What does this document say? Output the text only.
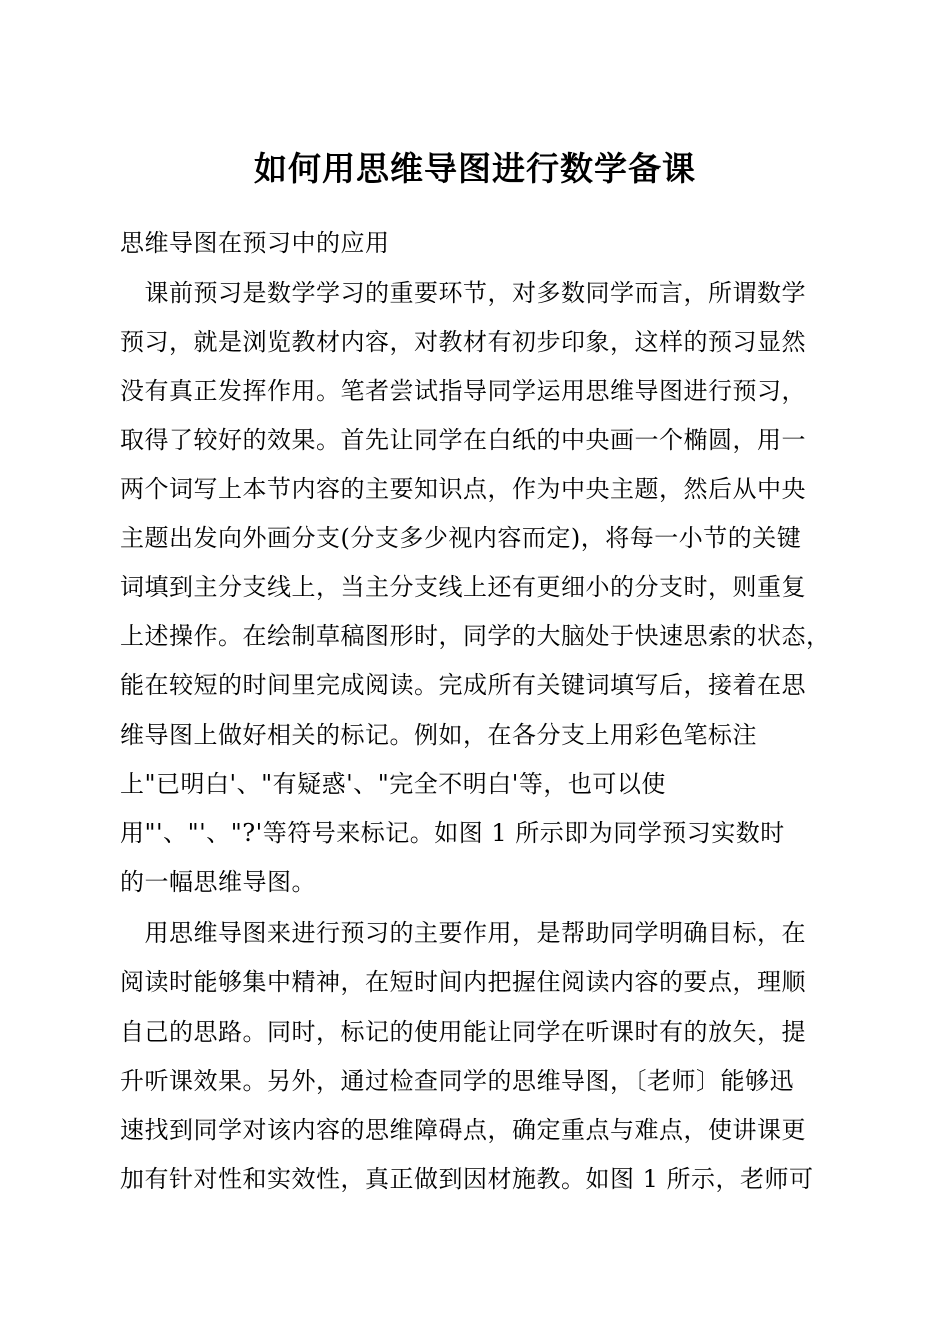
如何用思维导图进行数学备课
思维导图在预习中的应用
　课前预习是数学学习的重要环节，对多数同学而言，所谓数学
预习，就是浏览教材内容，对教材有初步印象，这样的预习显然
没有真正发挥作用。笔者尝试指导同学运用思维导图进行预习，
取得了较好的效果。首先让同学在白纸的中央画一个椭圆，用一
两个词写上本节内容的主要知识点，作为中央主题，然后从中央
主题出发向外画分支(分支多少视内容而定)，将每一小节的关键
词填到主分支线上，当主分支线上还有更细小的分支时，则重复
上述操作。在绘制草稿图形时，同学的大脑处于快速思索的状态，
能在较短的时间里完成阅读。完成所有关键词填写后，接着在思
维导图上做好相关的标记。例如，在各分支上用彩色笔标注
上"已明白'、"有疑惑'、"完全不明白'等，也可以使
用"'、"'、"?'等符号来标记。如图 1 所示即为同学预习实数时
的一幅思维导图。
　用思维导图来进行预习的主要作用，是帮助同学明确目标，在
阅读时能够集中精神，在短时间内把握住阅读内容的要点，理顺
自己的思路。同时，标记的使用能让同学在听课时有的放矢，提
升听课效果。另外，通过检查同学的思维导图，〔老师〕能够迅
速找到同学对该内容的思维障碍点，确定重点与难点，使讲课更
加有针对性和实效性，真正做到因材施教。如图 1 所示，老师可
